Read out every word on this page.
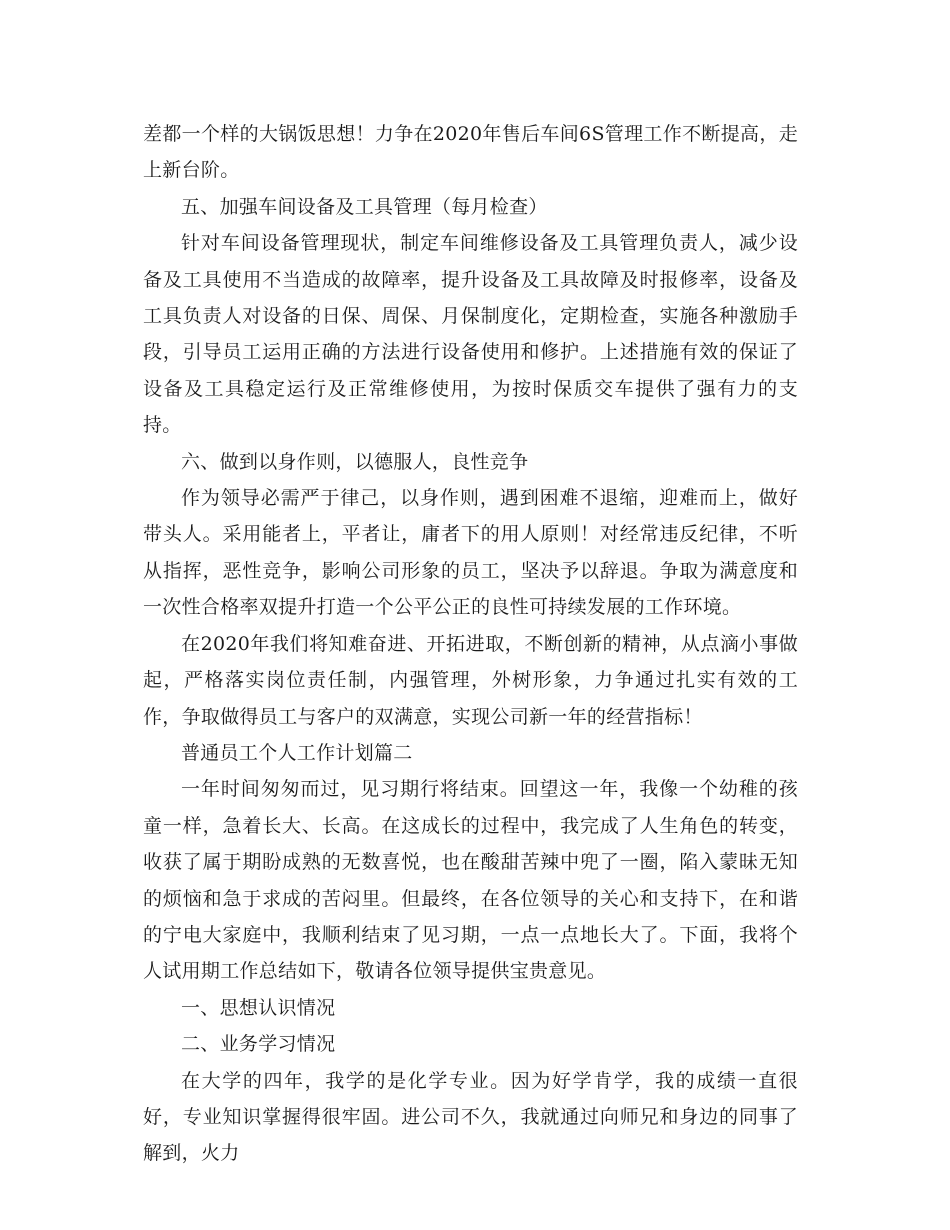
差都一个样的大锅饭思想！力争在2020年售后车间6S管理工作不断提高，走上新台阶。

五、加强车间设备及工具管理（每月检查）

针对车间设备管理现状，制定车间维修设备及工具管理负责人，减少设备及工具使用不当造成的故障率，提升设备及工具故障及时报修率，设备及工具负责人对设备的日保、周保、月保制度化，定期检查，实施各种激励手段，引导员工运用正确的方法进行设备使用和修护。上述措施有效的保证了设备及工具稳定运行及正常维修使用，为按时保质交车提供了强有力的支持。

六、做到以身作则，以德服人，良性竞争

作为领导必需严于律己，以身作则，遇到困难不退缩，迎难而上，做好带头人。采用能者上，平者让，庸者下的用人原则！对经常违反纪律，不听从指挥，恶性竞争，影响公司形象的员工，坚决予以辞退。争取为满意度和一次性合格率双提升打造一个公平公正的良性可持续发展的工作环境。

在2020年我们将知难奋进、开拓进取，不断创新的精神，从点滴小事做起，严格落实岗位责任制，内强管理，外树形象，力争通过扎实有效的工作，争取做得员工与客户的双满意，实现公司新一年的经营指标！

普通员工个人工作计划篇二

一年时间匆匆而过，见习期行将结束。回望这一年，我像一个幼稚的孩童一样，急着长大、长高。在这成长的过程中，我完成了人生角色的转变，收获了属于期盼成熟的无数喜悦，也在酸甜苦辣中兜了一圈，陷入蒙昧无知的烦恼和急于求成的苦闷里。但最终，在各位领导的关心和支持下，在和谐的宁电大家庭中，我顺利结束了见习期，一点一点地长大了。下面，我将个人试用期工作总结如下，敬请各位领导提供宝贵意见。

一、思想认识情况

二、业务学习情况

在大学的四年，我学的是化学专业。因为好学肯学，我的成绩一直很好，专业知识掌握得很牢固。进公司不久，我就通过向师兄和身边的同事了解到，火力
